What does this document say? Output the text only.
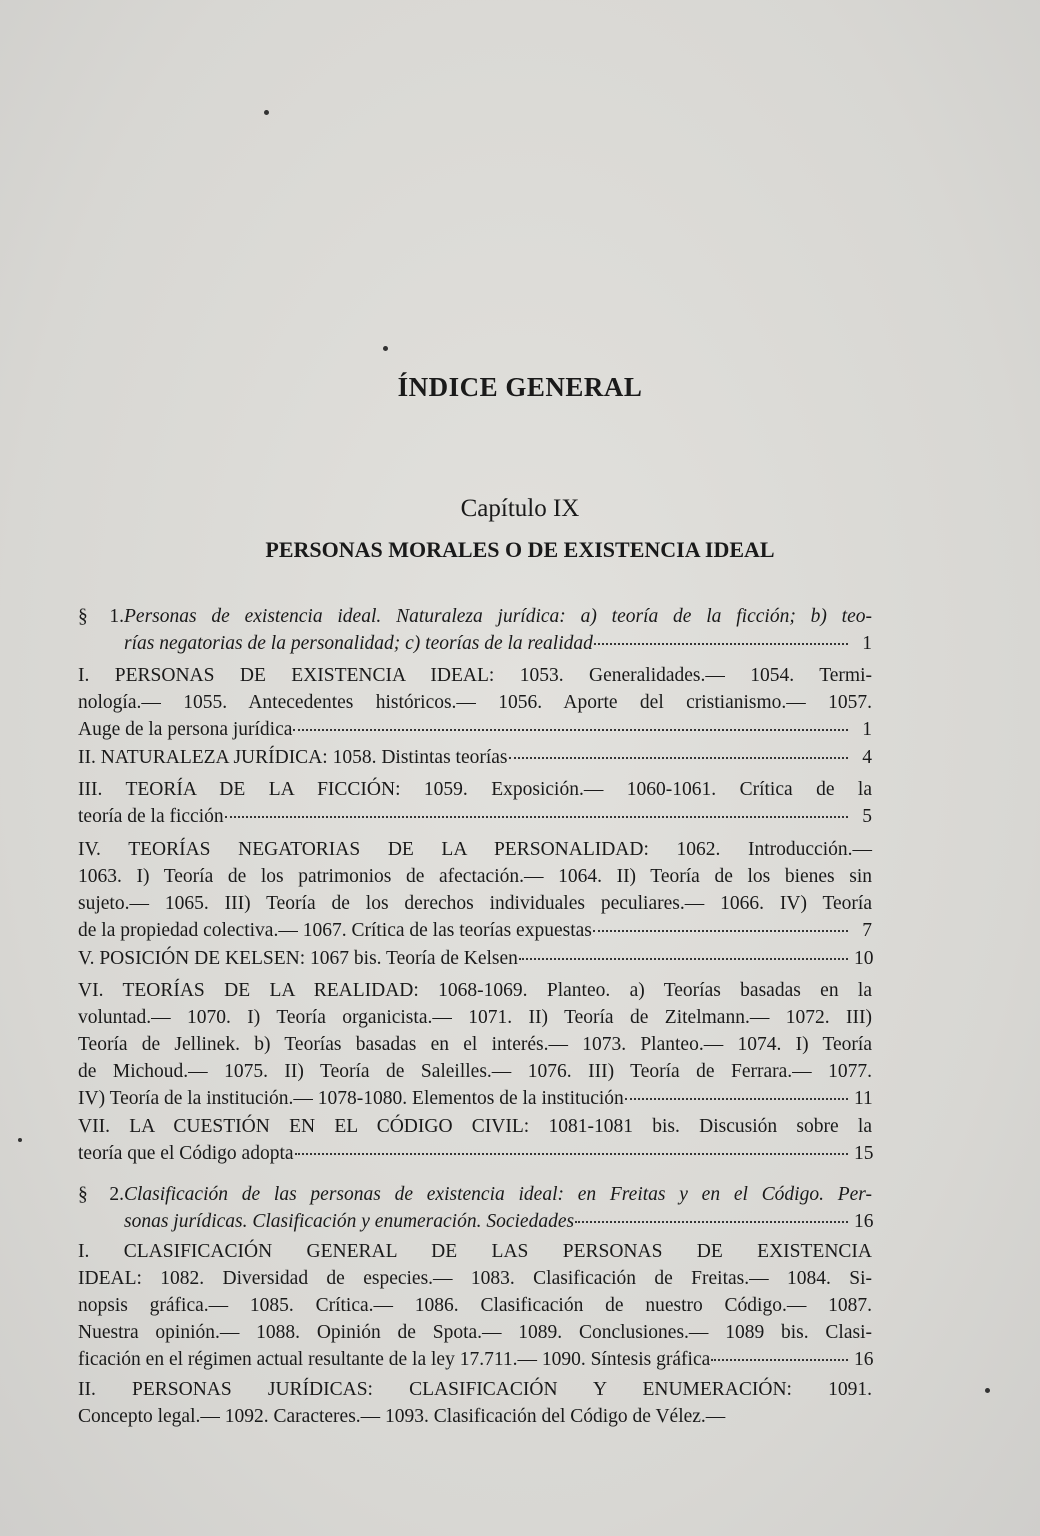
ÍNDICE GENERAL
Capítulo IX
PERSONAS MORALES O DE EXISTENCIA IDEAL
§ 1.Personas de existencia ideal. Naturaleza jurídica: a) teoría de la ficción; b) teo-
rías negatorias de la personalidad; c) teorías de la realidad	1
I. PERSONAS DE EXISTENCIA IDEAL: 1053. Generalidades.— 1054. Termi-
nología.— 1055. Antecedentes históricos.— 1056. Aporte del cristianismo.— 1057.
Auge de la persona jurídica	1
II. NATURALEZA JURÍDICA: 1058. Distintas teorías	4
III. TEORÍA DE LA FICCIÓN: 1059. Exposición.— 1060-1061. Crítica de la
teoría de la ficción	5
IV. TEORÍAS NEGATORIAS DE LA PERSONALIDAD: 1062. Introducción.—
1063. I) Teoría de los patrimonios de afectación.— 1064. II) Teoría de los bienes sin
sujeto.— 1065. III) Teoría de los derechos individuales peculiares.— 1066. IV) Teoría
de la propiedad colectiva.— 1067. Crítica de las teorías expuestas	7
V. POSICIÓN DE KELSEN: 1067 bis. Teoría de Kelsen	10
VI. TEORÍAS DE LA REALIDAD: 1068-1069. Planteo. a) Teorías basadas en la
voluntad.— 1070. I) Teoría organicista.— 1071. II) Teoría de Zitelmann.— 1072. III)
Teoría de Jellinek. b) Teorías basadas en el interés.— 1073. Planteo.— 1074. I) Teoría
de Michoud.— 1075. II) Teoría de Saleilles.— 1076. III) Teoría de Ferrara.— 1077.
IV) Teoría de la institución.— 1078-1080. Elementos de la institución	11
VII. LA CUESTIÓN EN EL CÓDIGO CIVIL: 1081-1081 bis. Discusión sobre la
teoría que el Código adopta	15
§ 2.Clasificación de las personas de existencia ideal: en Freitas y en el Código. Per-
sonas jurídicas. Clasificación y enumeración. Sociedades	16
I. CLASIFICACIÓN GENERAL DE LAS PERSONAS DE EXISTENCIA
IDEAL: 1082. Diversidad de especies.— 1083. Clasificación de Freitas.— 1084. Si-
nopsis gráfica.— 1085. Crítica.— 1086. Clasificación de nuestro Código.— 1087.
Nuestra opinión.— 1088. Opinión de Spota.— 1089. Conclusiones.— 1089 bis. Clasi-
ficación en el régimen actual resultante de la ley 17.711.— 1090. Síntesis gráfica	16
II. PERSONAS JURÍDICAS: CLASIFICACIÓN Y ENUMERACIÓN: 1091.
Concepto legal.— 1092. Caracteres.— 1093. Clasificación del Código de Vélez.—
